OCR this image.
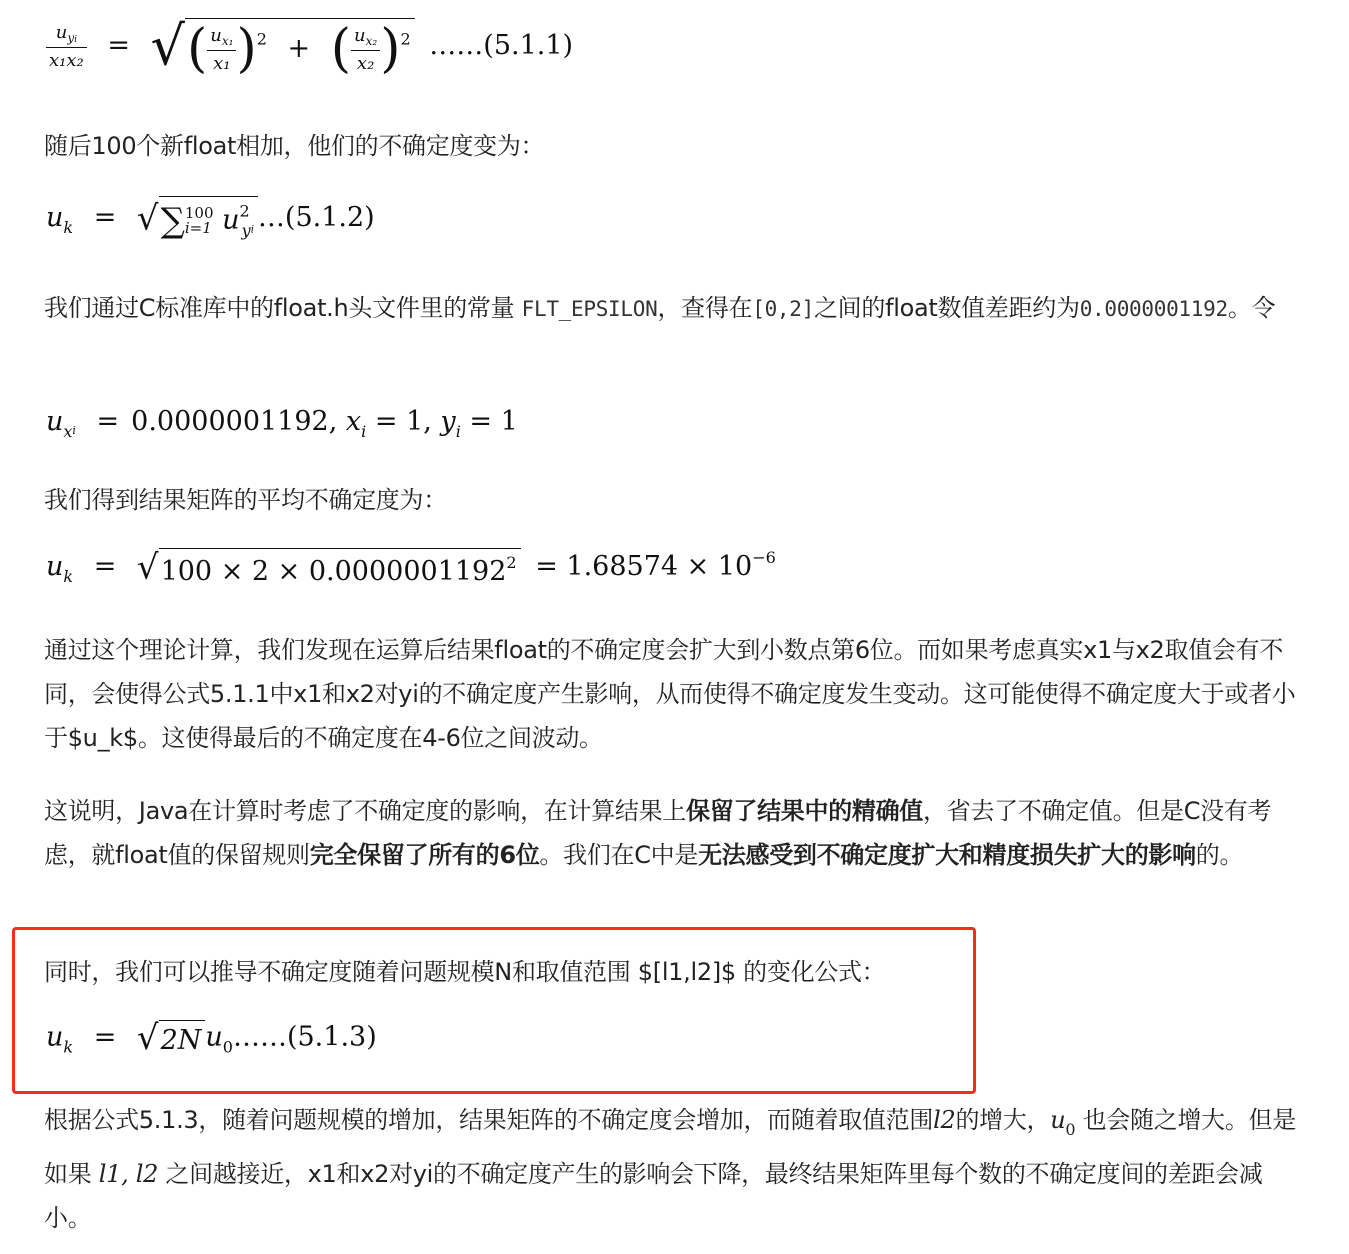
$\frac{u_{yi}}{\text{x₁x₂}}$ = √( $\frac{u_{x_1}}{\text{x₁}} )^2$ + ( $\frac{u_{x_2}}{\text{x₂}} )^2$ ……(5.1.1)
随后100个新float相加，他们的不确定度变为：
$u_k = √\sum 100$
i=1 $u^2_yi$ …(5.1.2)
我们通过C标准库中的float.h头文件里的常量 FLT_EPSILON，查得在[0,2]之间的float数值差距约为0.0000001192。令
$u_xi = 0.0000001192$, $x_i = 1$, $y_i = 1$
我们得到结果矩阵的平均不确定度为：
$u_k = √100 \times 2 \times 0.0000001192^2 = 1.68574 \times 10^{-6}$
通过这个理论计算，我们发现在运算后结果float的不确定度会扩大到小数点第6位。而如果考虑真实x1与x2取值会有不同，会使得公式5.1.1中x1和x2对yi的不确定度产生影响，从而使得不确定度发生变动。这可能使得不确定度大于或者小于$u_k$。这使得最后的不确定度在4-6位之间波动。
这说明，Java在计算时考虑了不确定度的影响，在计算结果上保留了结果中的精确值，省去了不确定值。但是C没有考虑，就float值的保留规则完全保留了所有的6位。我们在C中是无法感受到不确定度扩大和精度损失扩大的影响的。
同时，我们可以推导不确定度随着问题规模N和取值范围 $[l1,l2]$ 的变化公式：
$u_k = √2N$ $u_0\dots\dots(5.1.3)$
根据公式5.1.3，随着问题规模的增加，结果矩阵的不确定度会增加，而随着取值范围l2的增大，$u_0$ 也会随之增大。但是如果 l1, l2 之间越接近，x1和x2对yi的不确定度产生的影响会下降，最终结果矩阵里每个数的不确定度间的差距会减小。
